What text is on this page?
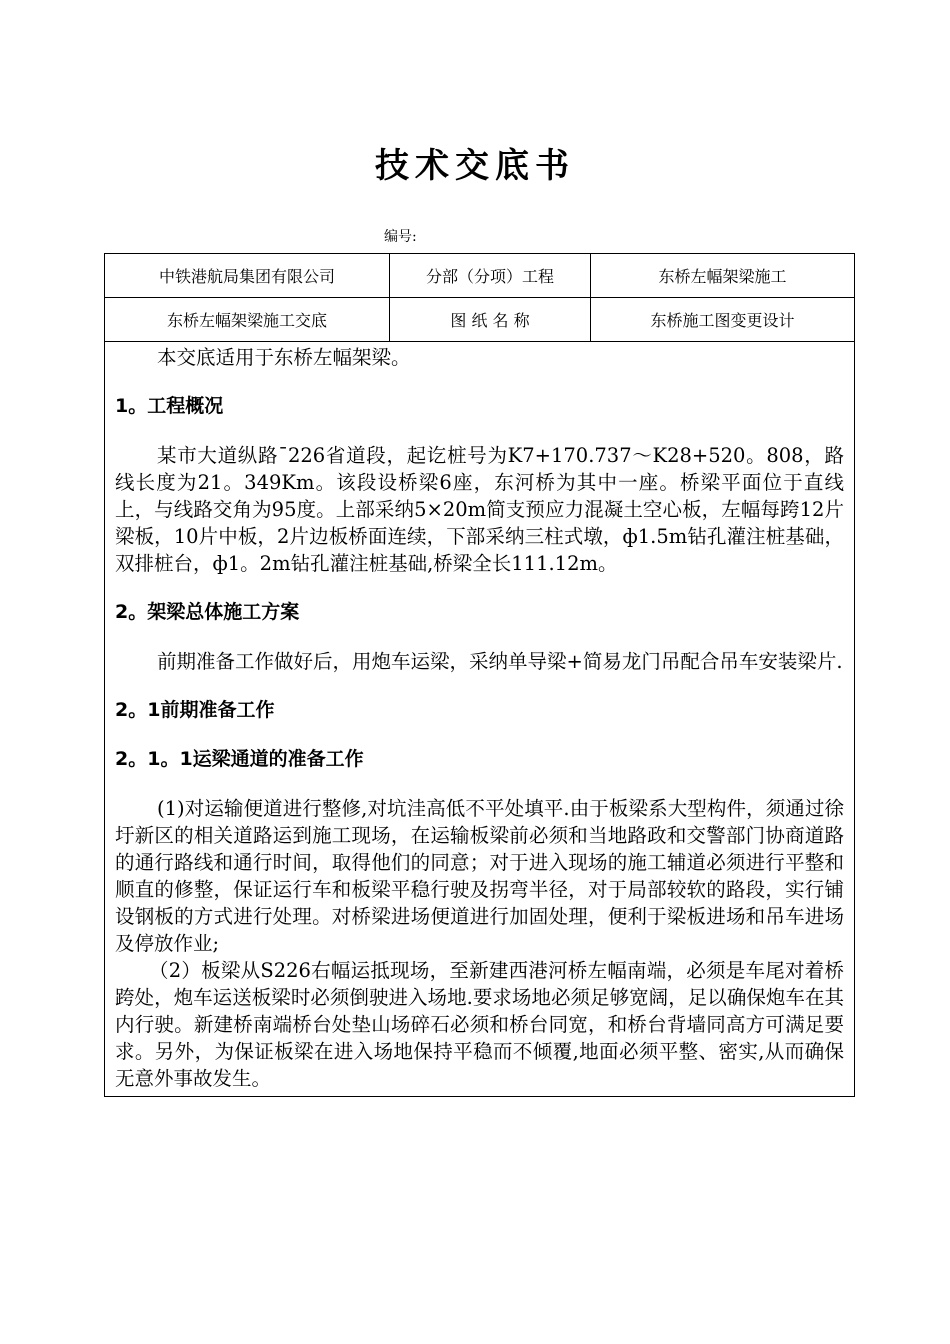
技术交底书
编号:
中铁港航局集团有限公司	分部（分项）工程	东桥左幅架梁施工
东桥左幅架梁施工交底	图 纸 名 称	东桥施工图变更设计

本交底适用于东桥左幅架梁。

1。工程概况

某市大道纵路¯226省道段，起讫桩号为K7+170.737～K28+520。808，路线长度为21。349Km。该段设桥梁6座，东河桥为其中一座。桥梁平面位于直线上，与线路交角为95度。上部采纳5×20m简支预应力混凝土空心板，左幅每跨12片梁板，10片中板，2片边板桥面连续，下部采纳三柱式墩，ф1.5m钻孔灌注桩基础，双排桩台，ф1。2m钻孔灌注桩基础,桥梁全长111.12m。

2。架梁总体施工方案

前期准备工作做好后，用炮车运梁，采纳单导梁+简易龙门吊配合吊车安装梁片.

2。1前期准备工作

2。1。1运梁通道的准备工作

(1)对运输便道进行整修,对坑洼高低不平处填平.由于板梁系大型构件，须通过徐圩新区的相关道路运到施工现场，在运输板梁前必须和当地路政和交警部门协商道路的通行路线和通行时间，取得他们的同意；对于进入现场的施工辅道必须进行平整和顺直的修整，保证运行车和板梁平稳行驶及拐弯半径，对于局部较软的路段，实行铺设钢板的方式进行处理。对桥梁进场便道进行加固处理，便利于梁板进场和吊车进场及停放作业;

（2）板梁从S226右幅运抵现场，至新建西港河桥左幅南端，必须是车尾对着桥跨处，炮车运送板梁时必须倒驶进入场地.要求场地必须足够宽阔，足以确保炮车在其内行驶。新建桥南端桥台处垫山场碎石必须和桥台同宽，和桥台背墙同高方可满足要求。另外，为保证板梁在进入场地保持平稳而不倾覆,地面必须平整、密实,从而确保无意外事故发生。
